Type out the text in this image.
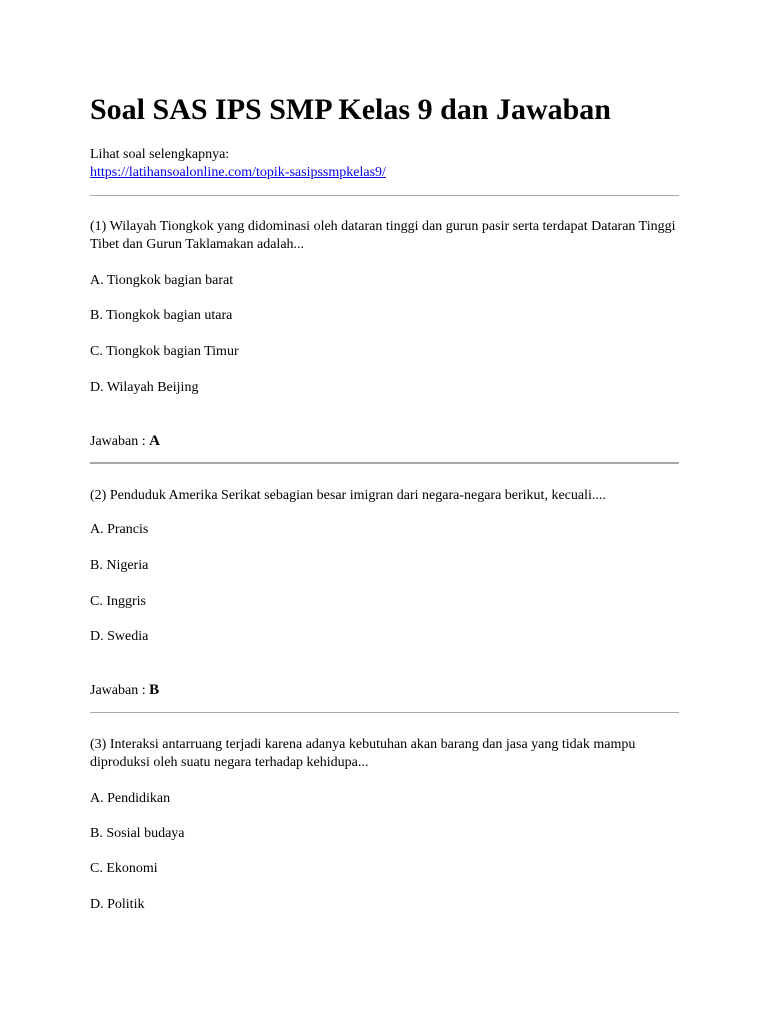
Soal SAS IPS SMP Kelas 9 dan Jawaban
Lihat soal selengkapnya:
https://latihansoalonline.com/topik-sasipssmpkelas9/
(1) Wilayah Tiongkok yang didominasi oleh dataran tinggi dan gurun pasir serta terdapat Dataran Tinggi Tibet dan Gurun Taklamakan adalah...
A. Tiongkok bagian barat
B. Tiongkok bagian utara
C. Tiongkok bagian Timur
D. Wilayah Beijing
Jawaban : A
(2) Penduduk Amerika Serikat sebagian besar imigran dari negara-negara berikut, kecuali....
A. Prancis
B. Nigeria
C. Inggris
D. Swedia
Jawaban : B
(3) Interaksi antarruang terjadi karena adanya kebutuhan akan barang dan jasa yang tidak mampu diproduksi oleh suatu negara terhadap kehidupa...
A. Pendidikan
B. Sosial budaya
C. Ekonomi
D. Politik
